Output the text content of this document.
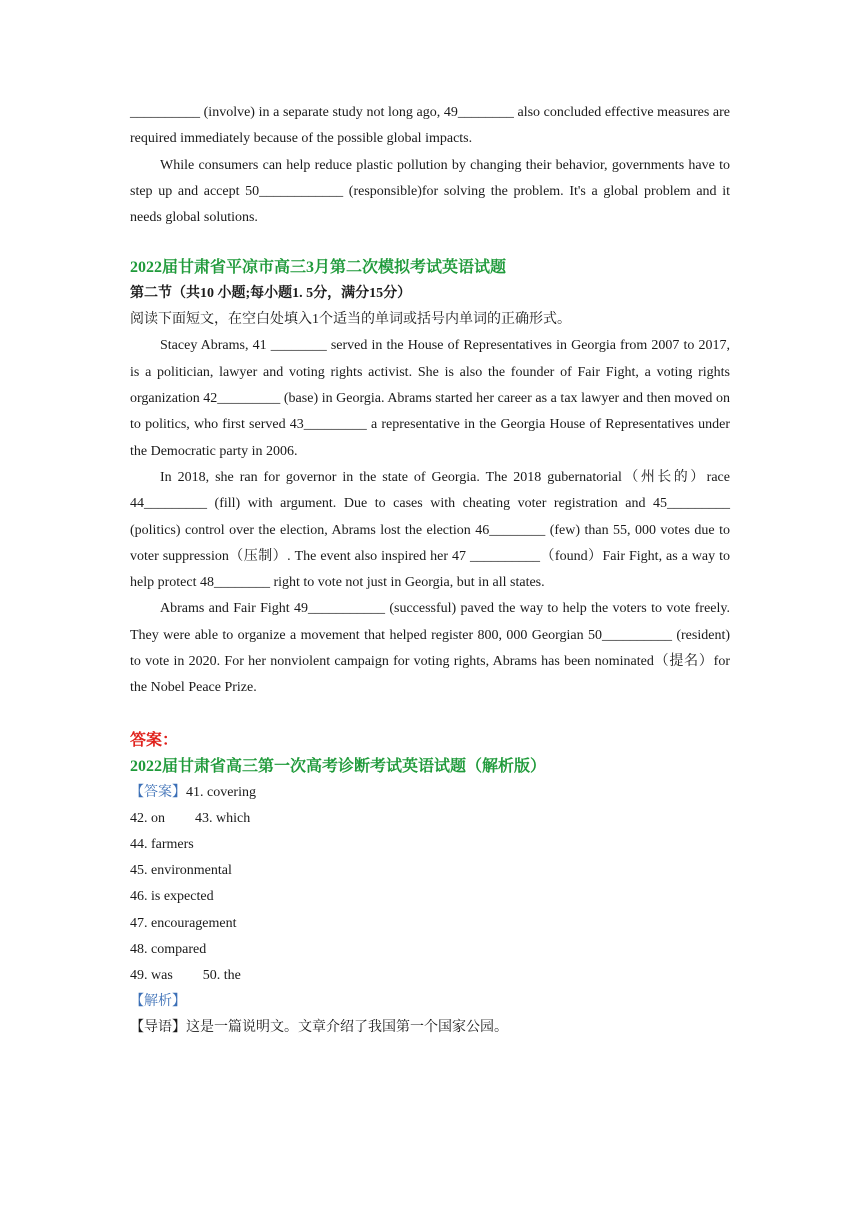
__________ (involve) in a separate study not long ago, 49________ also concluded effective measures are required immediately because of the possible global impacts.

While consumers can help reduce plastic pollution by changing their behavior, governments have to step up and accept 50____________ (responsible)for solving the problem. It's a global problem and it needs global solutions.

2022届甘肃省平凉市高三3月第二次模拟考试英语试题

第二节（共10 小题;每小题1. 5分，满分15分）

阅读下面短文，在空白处填入1个适当的单词或括号内单词的正确形式。

Stacey Abrams, 41 ________ served in the House of Representatives in Georgia from 2007 to 2017, is a politician, lawyer and voting rights activist. She is also the founder of Fair Fight, a voting rights organization 42_________ (base) in Georgia. Abrams started her career as a tax lawyer and then moved on to politics, who first served 43_________ a representative in the Georgia House of Representatives under the Democratic party in 2006.

In 2018, she ran for governor in the state of Georgia. The 2018 gubernatorial（州长的）race 44_________ (fill) with argument. Due to cases with cheating voter registration and 45_________ (politics) control over the election, Abrams lost the election 46________ (few) than 55, 000 votes due to voter suppression（压制）. The event also inspired her 47 __________（found）Fair Fight, as a way to help protect 48________ right to vote not just in Georgia, but in all states.

Abrams and Fair Fight 49___________ (successful) paved the way to help the voters to vote freely. They were able to organize a movement that helped register 800, 000 Georgian 50__________ (resident) to vote in 2020. For her nonviolent campaign for voting rights, Abrams has been nominated（提名）for the Nobel Peace Prize.

答案：

2022届甘肃省高三第一次高考诊断考试英语试题（解析版）

【答案】41. covering

42. on 43. which

44. farmers

45. environmental

46. is expected

47. encouragement

48. compared

49. was 50. the

【解析】

【导语】这是一篇说明文。文章介绍了我国第一个国家公园。
